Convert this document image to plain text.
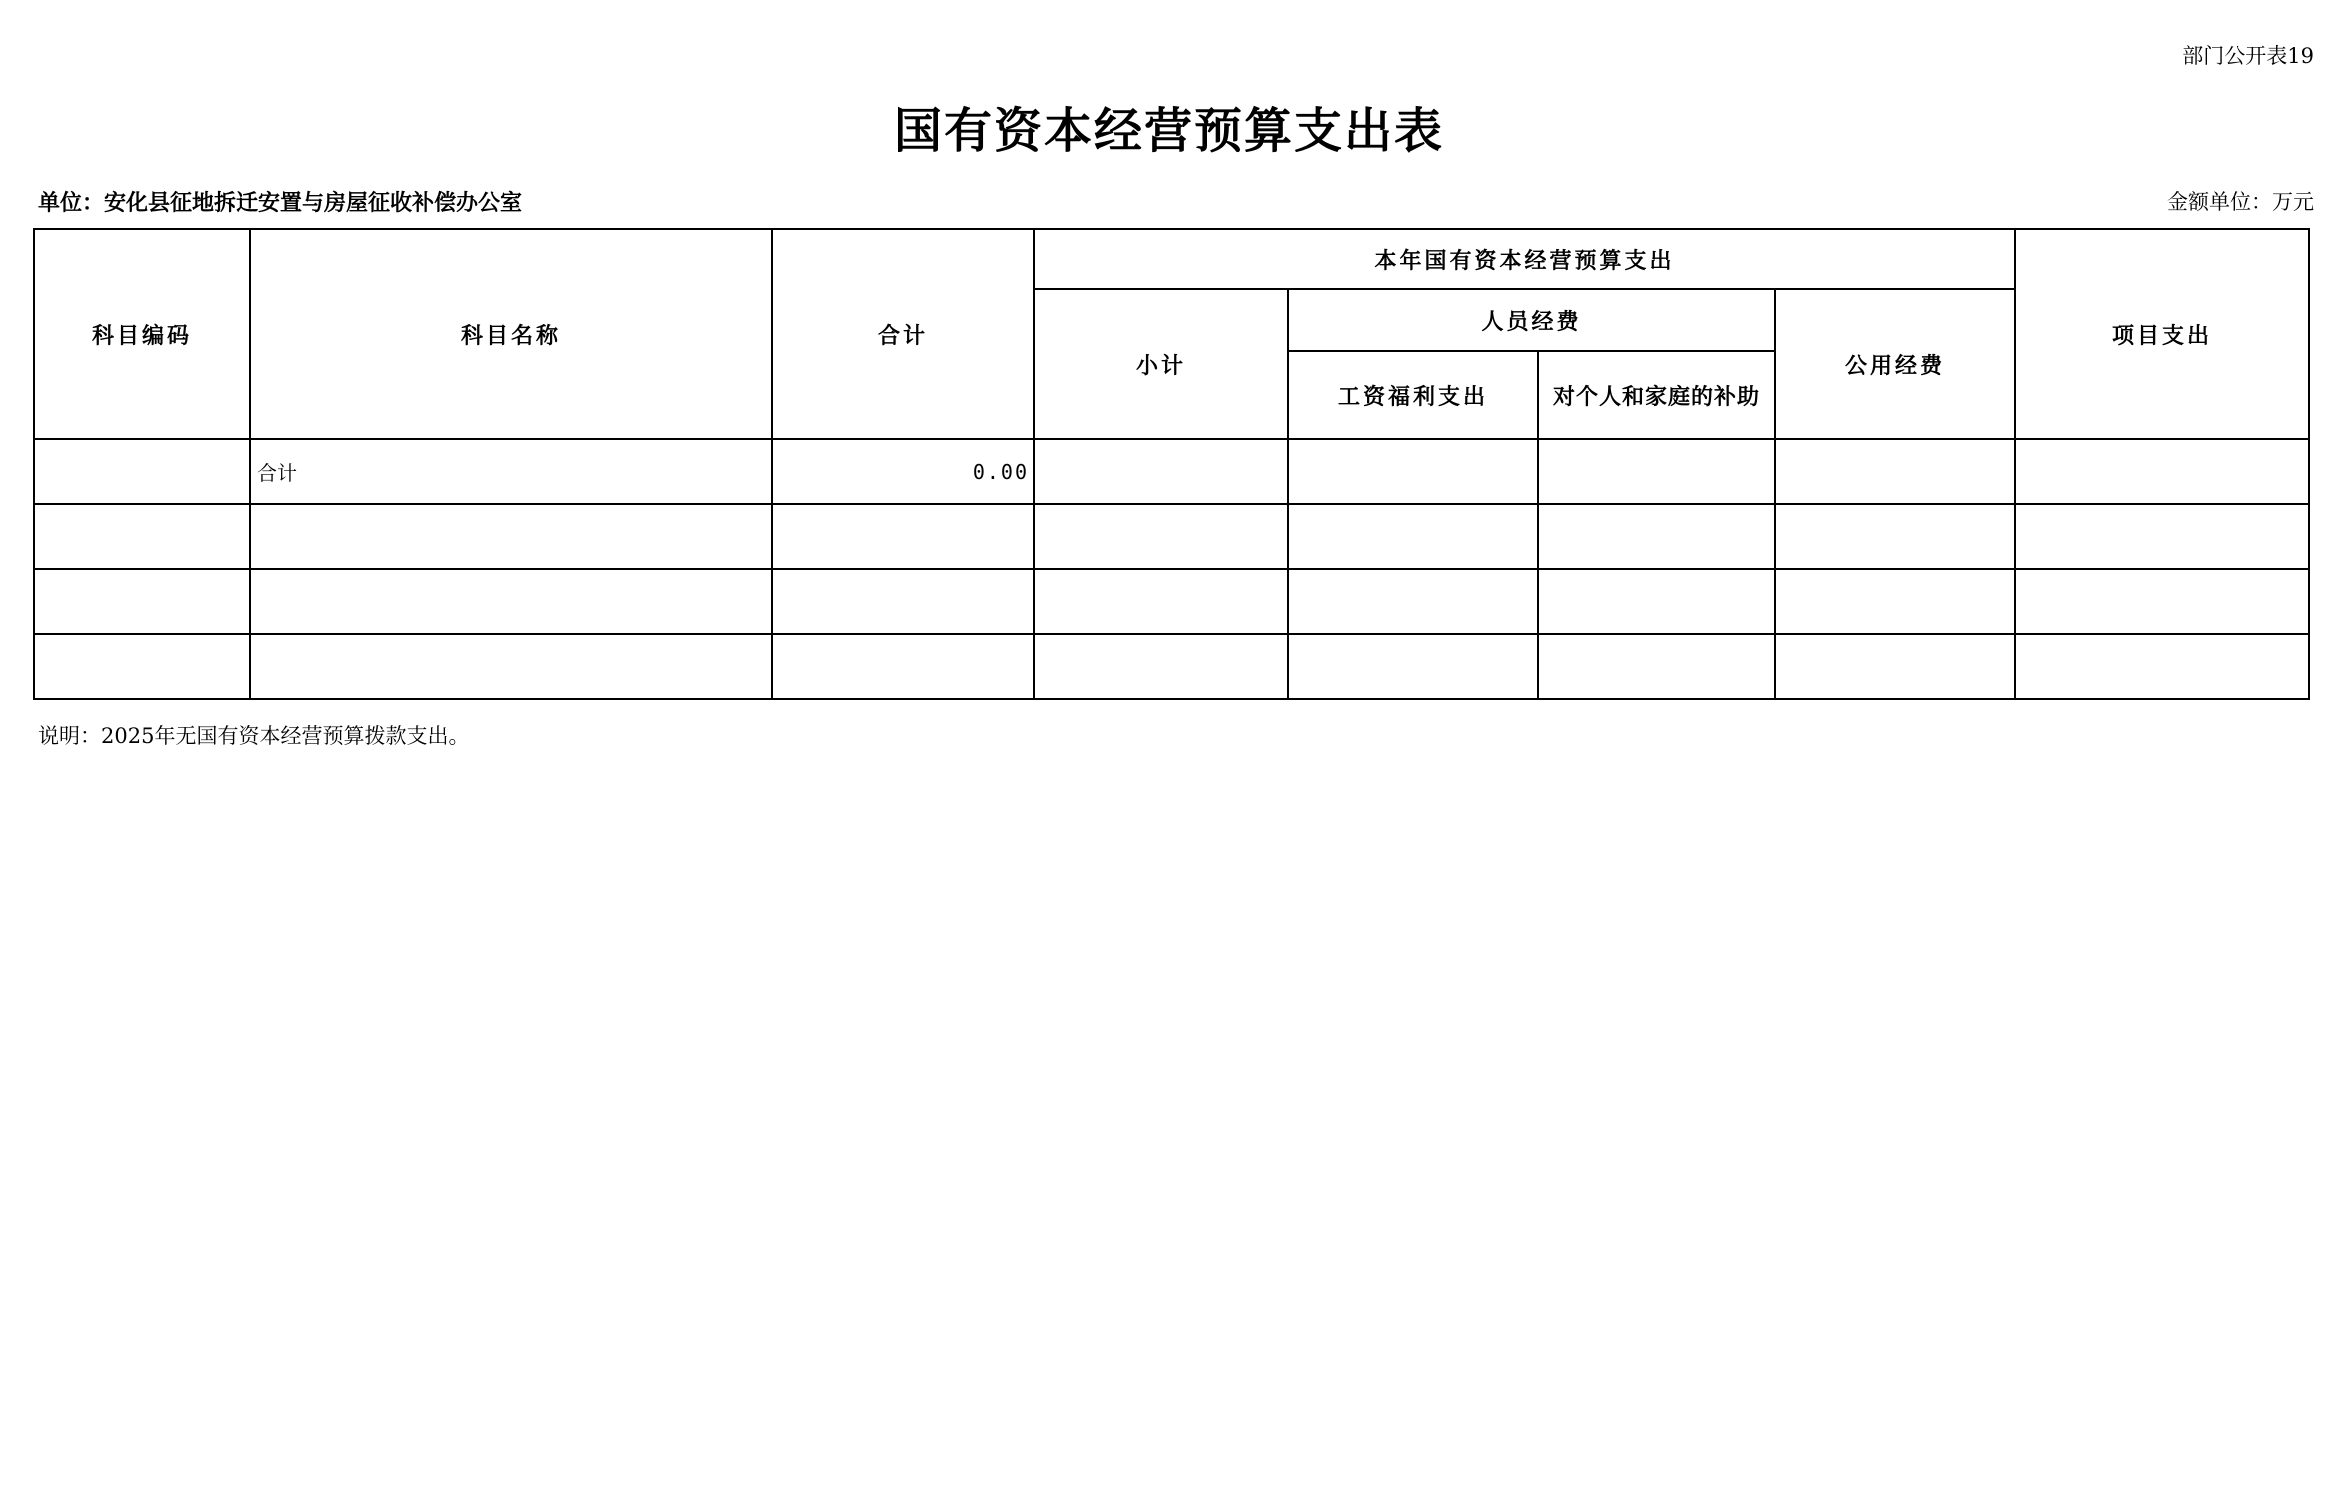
部门公开表19
国有资本经营预算支出表
单位：安化县征地拆迁安置与房屋征收补偿办公室	金额单位：万元
科目编码	科目名称	合计	本年国有资本经营预算支出				项目支出
			小计	人员经费		公用经费	
				工资福利支出	对个人和家庭的补助		
	合计	0.00					

说明：2025年无国有资本经营预算拨款支出。
